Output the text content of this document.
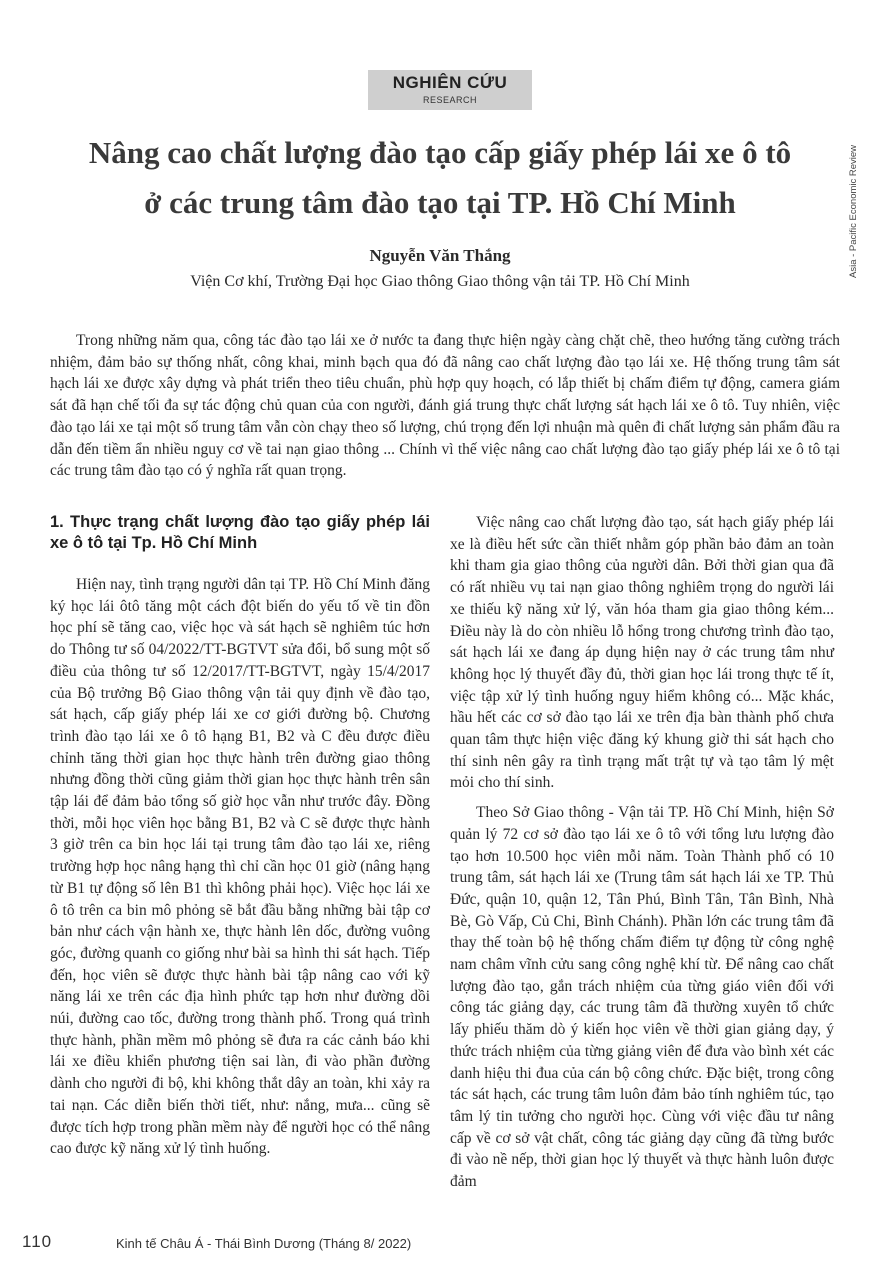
NGHIÊN CỨU
RESEARCH
Asia - Pacific Economic Review
Nâng cao chất lượng đào tạo cấp giấy phép lái xe ô tô
ở các trung tâm đào tạo tại TP. Hồ Chí Minh
Nguyễn Văn Thắng
Viện Cơ khí, Trường Đại học Giao thông Giao thông vận tải TP. Hồ Chí Minh
Trong những năm qua, công tác đào tạo lái xe ở nước ta đang thực hiện ngày càng chặt chẽ, theo hướng tăng cường trách nhiệm, đảm bảo sự thống nhất, công khai, minh bạch qua đó đã nâng cao chất lượng đào tạo lái xe. Hệ thống trung tâm sát hạch lái xe được xây dựng và phát triển theo tiêu chuẩn, phù hợp quy hoạch, có lắp thiết bị chấm điểm tự động, camera giám sát đã hạn chế tối đa sự tác động chủ quan của con người, đánh giá trung thực chất lượng sát hạch lái xe ô tô. Tuy nhiên, việc đào tạo lái xe tại một số trung tâm vẫn còn chạy theo số lượng, chú trọng đến lợi nhuận mà quên đi chất lượng sản phẩm đầu ra dẫn đến tiềm ẩn nhiều nguy cơ về tai nạn giao thông ... Chính vì thế việc nâng cao chất lượng đào tạo giấy phép lái xe ô tô tại các trung tâm đào tạo có ý nghĩa rất quan trọng.
1. Thực trạng chất lượng đào tạo giấy phép lái xe ô tô tại Tp. Hồ Chí Minh

Hiện nay, tình trạng người dân tại TP. Hồ Chí Minh đăng ký học lái ôtô tăng một cách đột biến do yếu tố về tin đồn học phí sẽ tăng cao, việc học và sát hạch sẽ nghiêm túc hơn do Thông tư số 04/2022/TT-BGTVT sửa đổi, bổ sung một số điều của thông tư số 12/2017/TT-BGTVT, ngày 15/4/2017 của Bộ trưởng Bộ Giao thông vận tải quy định về đào tạo, sát hạch, cấp giấy phép lái xe cơ giới đường bộ. Chương trình đào tạo lái xe ô tô hạng B1, B2 và C đều được điều chỉnh tăng thời gian học thực hành trên đường giao thông nhưng đồng thời cũng giảm thời gian học thực hành trên sân tập lái để đảm bảo tổng số giờ học vẫn như trước đây. Đồng thời, mỗi học viên học bằng B1, B2 và C sẽ được thực hành 3 giờ trên ca bin học lái tại trung tâm đào tạo lái xe, riêng trường hợp học nâng hạng thì chỉ cần học 01 giờ (nâng hạng từ B1 tự động số lên B1 thì không phải học). Việc học lái xe ô tô trên ca bin mô phỏng sẽ bắt đầu bằng những bài tập cơ bản như cách vận hành xe, thực hành lên dốc, đường vuông góc, đường quanh co giống như bài sa hình thi sát hạch. Tiếp đến, học viên sẽ được thực hành bài tập nâng cao với kỹ năng lái xe trên các địa hình phức tạp hơn như đường dồi núi, đường cao tốc, đường trong thành phố. Trong quá trình thực hành, phần mềm mô phỏng sẽ đưa ra các cảnh báo khi lái xe điều khiển phương tiện sai làn, đi vào phần đường dành cho người đi bộ, khi không thắt dây an toàn, khi xảy ra tai nạn. Các diễn biến thời tiết, như: nắng, mưa... cũng sẽ được tích hợp trong phần mềm này để người học có thể nâng cao được kỹ năng xử lý tình huống.

Việc nâng cao chất lượng đào tạo, sát hạch giấy phép lái xe là điều hết sức cần thiết nhằm góp phần bảo đảm an toàn khi tham gia giao thông của người dân. Bởi thời gian qua đã có rất nhiều vụ tai nạn giao thông nghiêm trọng do người lái xe thiếu kỹ năng xử lý, văn hóa tham gia giao thông kém... Điều này là do còn nhiều lỗ hổng trong chương trình đào tạo, sát hạch lái xe đang áp dụng hiện nay ở các trung tâm như không học lý thuyết đầy đủ, thời gian học lái trong thực tế ít, việc tập xử lý tình huống nguy hiểm không có... Mặc khác, hầu hết các cơ sở đào tạo lái xe trên địa bàn thành phố chưa quan tâm thực hiện việc đăng ký khung giờ thi sát hạch cho thí sinh nên gây ra tình trạng mất trật tự và tạo tâm lý mệt mỏi cho thí sinh.

Theo Sở Giao thông - Vận tải TP. Hồ Chí Minh, hiện Sở quản lý 72 cơ sở đào tạo lái xe ô tô với tổng lưu lượng đào tạo hơn 10.500 học viên mỗi năm. Toàn Thành phố có 10 trung tâm, sát hạch lái xe (Trung tâm sát hạch lái xe TP. Thủ Đức, quận 10, quận 12, Tân Phú, Bình Tân, Tân Bình, Nhà Bè, Gò Vấp, Củ Chi, Bình Chánh). Phần lớn các trung tâm đã thay thế toàn bộ hệ thống chấm điểm tự động từ công nghệ nam châm vĩnh cửu sang công nghệ khí từ. Để nâng cao chất lượng đào tạo, gắn trách nhiệm của từng giáo viên đối với công tác giảng dạy, các trung tâm đã thường xuyên tổ chức lấy phiếu thăm dò ý kiến học viên về thời gian giảng dạy, ý thức trách nhiệm của từng giảng viên để đưa vào bình xét các danh hiệu thi đua của cán bộ công chức. Đặc biệt, trong công tác sát hạch, các trung tâm luôn đảm bảo tính nghiêm túc, tạo tâm lý tin tưởng cho người học. Cùng với việc đầu tư nâng cấp về cơ sở vật chất, công tác giảng dạy cũng đã từng bước đi vào nề nếp, thời gian học lý thuyết và thực hành luôn được đảm

110	Kinh tế Châu Á - Thái Bình Dương (Tháng 8/ 2022)
